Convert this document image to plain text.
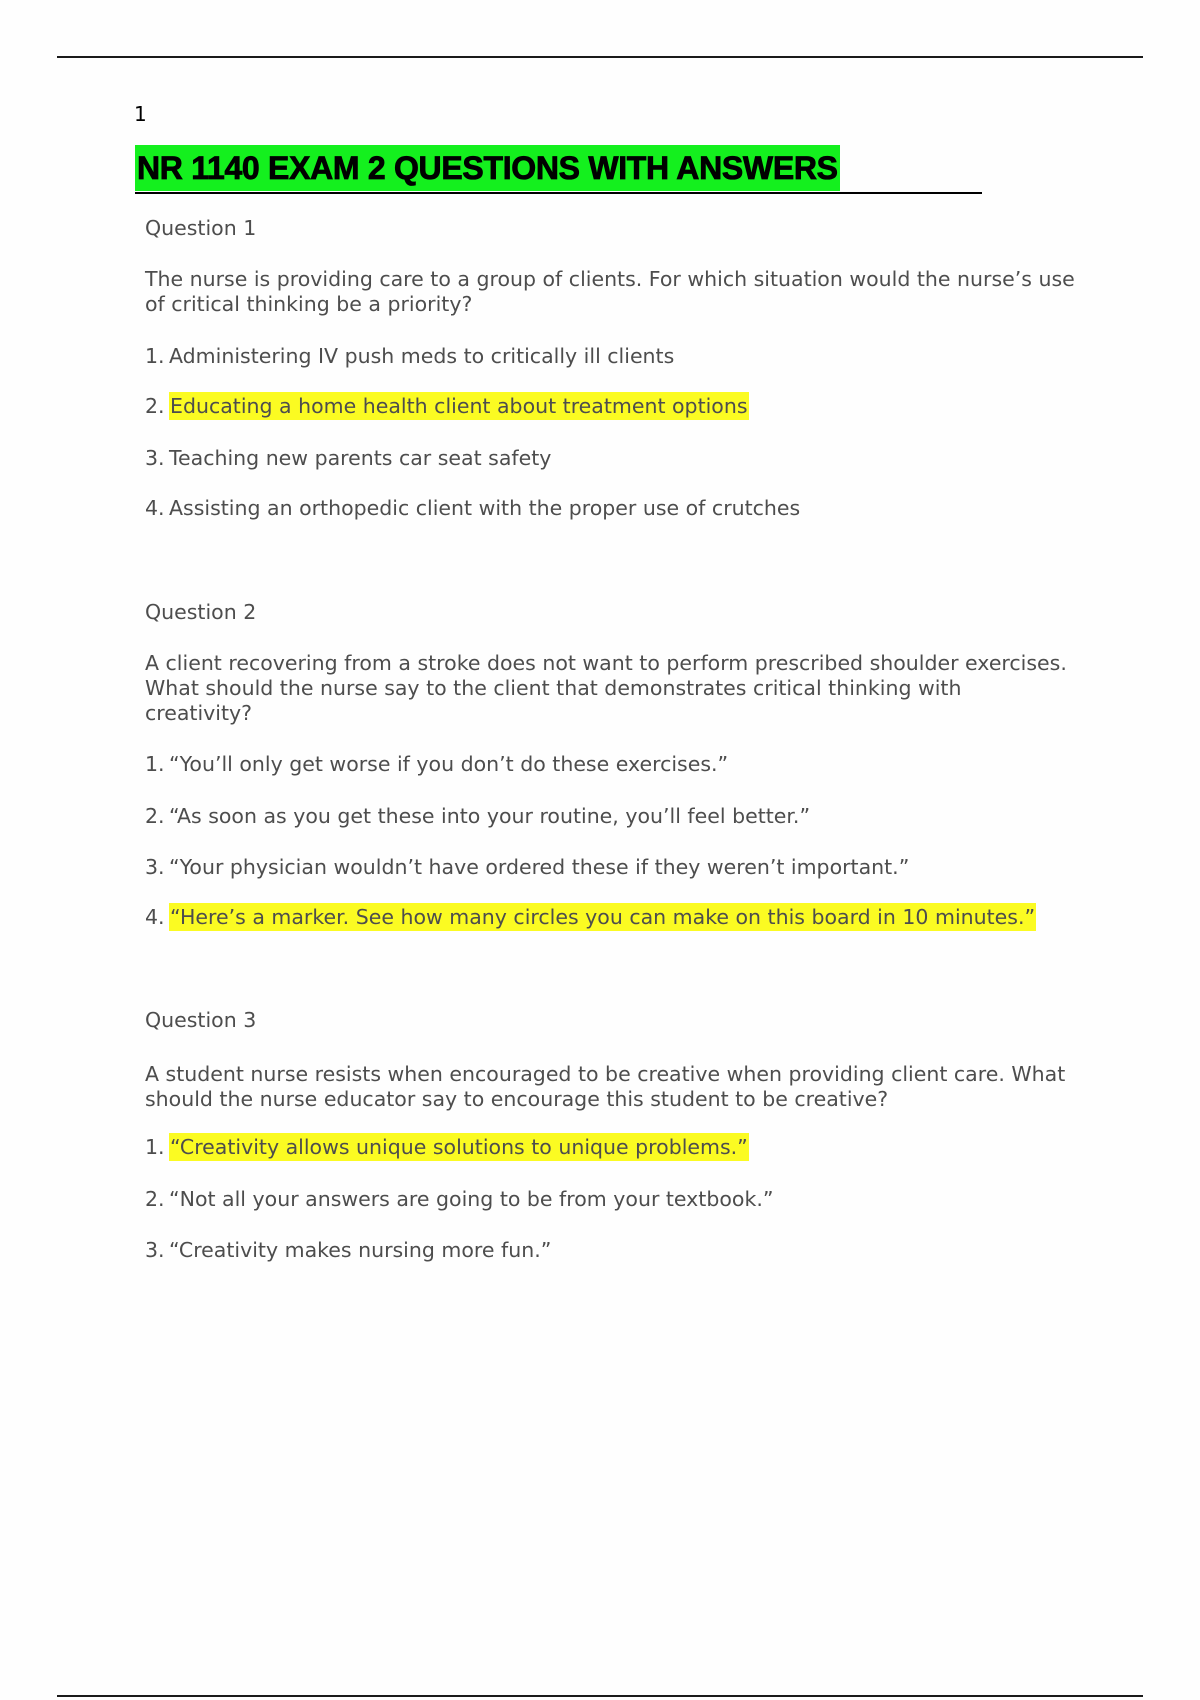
1
NR 1140 EXAM 2 QUESTIONS WITH ANSWERS
Question 1
The nurse is providing care to a group of clients. For which situation would the nurse’s use of critical thinking be a priority?
1. Administering IV push meds to critically ill clients
2. Educating a home health client about treatment options
3. Teaching new parents car seat safety
4. Assisting an orthopedic client with the proper use of crutches
Question 2
A client recovering from a stroke does not want to perform prescribed shoulder exercises. What should the nurse say to the client that demonstrates critical thinking with creativity?
1. “You’ll only get worse if you don’t do these exercises.”
2. “As soon as you get these into your routine, you’ll feel better.”
3. “Your physician wouldn’t have ordered these if they weren’t important.”
4. “Here’s a marker. See how many circles you can make on this board in 10 minutes.”
Question 3
A student nurse resists when encouraged to be creative when providing client care. What should the nurse educator say to encourage this student to be creative?
1. “Creativity allows unique solutions to unique problems.”
2. “Not all your answers are going to be from your textbook.”
3. “Creativity makes nursing more fun.”
